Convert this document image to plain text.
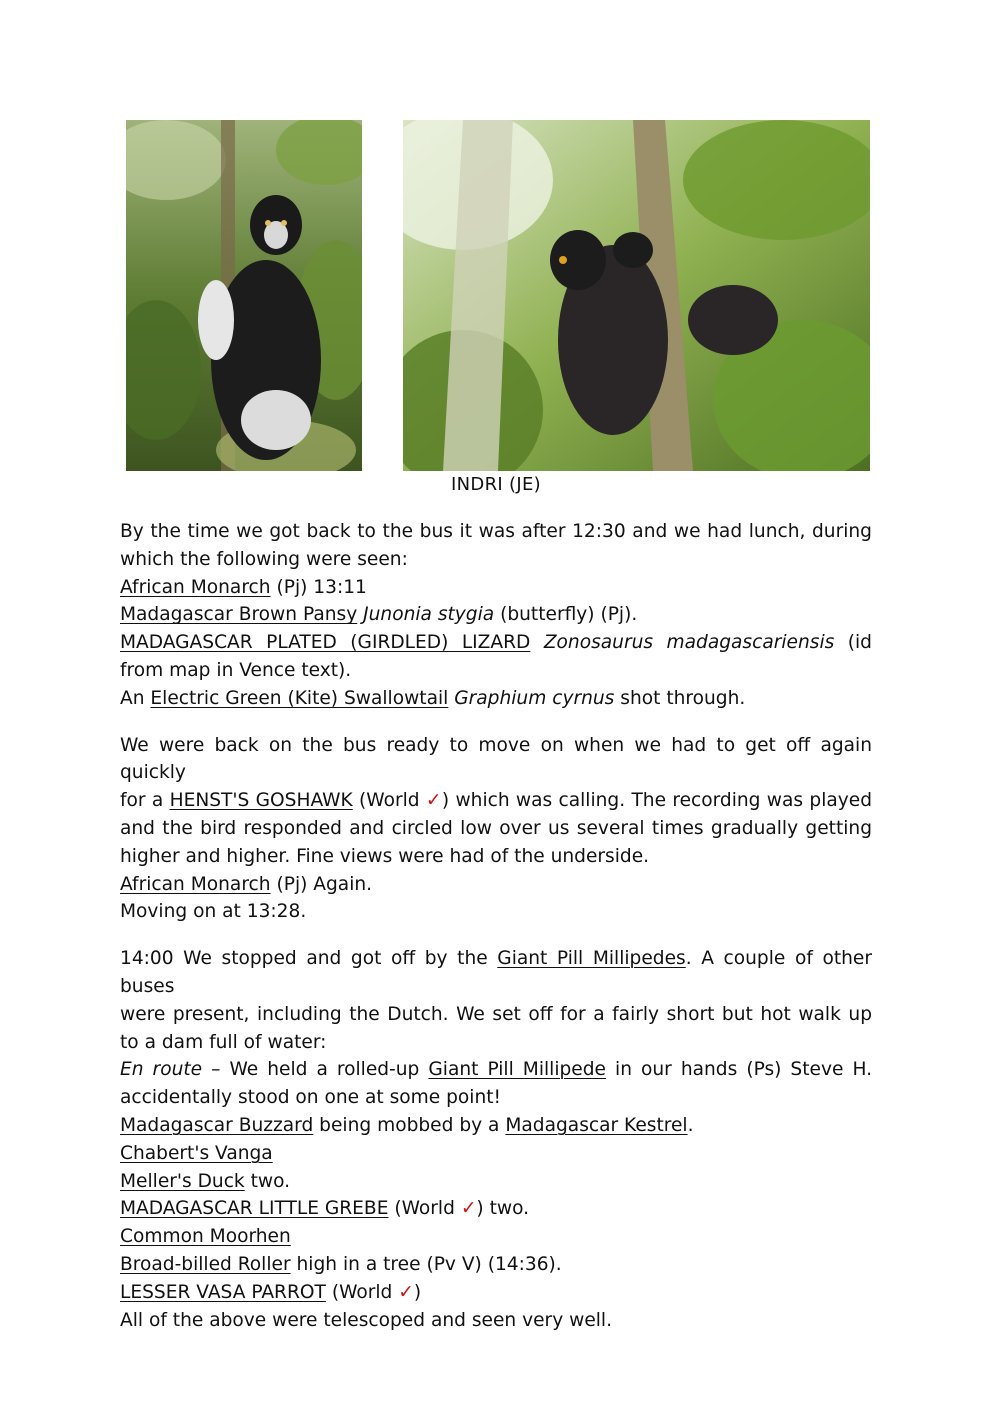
INDRI (JE)

By the time we got back to the bus it was after 12:30 and we had lunch, during
which the following were seen:
African Monarch (Pj) 13:11
Madagascar Brown Pansy Junonia stygia (butterfly) (Pj).
MADAGASCAR PLATED (GIRDLED) LIZARD Zonosaurus madagascariensis (id
from map in Vence text).
An Electric Green (Kite) Swallowtail Graphium cyrnus shot through.

We were back on the bus ready to move on when we had to get off again quickly
for a HENST'S GOSHAWK (World ✓) which was calling. The recording was played
and the bird responded and circled low over us several times gradually getting
higher and higher. Fine views were had of the underside.
African Monarch (Pj) Again.
Moving on at 13:28.

14:00 We stopped and got off by the Giant Pill Millipedes. A couple of other buses
were present, including the Dutch. We set off for a fairly short but hot walk up
to a dam full of water:
En route – We held a rolled-up Giant Pill Millipede in our hands (Ps) Steve H.
accidentally stood on one at some point!
Madagascar Buzzard being mobbed by a Madagascar Kestrel.
Chabert's Vanga
Meller's Duck two.
MADAGASCAR LITTLE GREBE (World ✓) two.
Common Moorhen
Broad-billed Roller high in a tree (Pv V) (14:36).
LESSER VASA PARROT (World ✓)
All of the above were telescoped and seen very well.
